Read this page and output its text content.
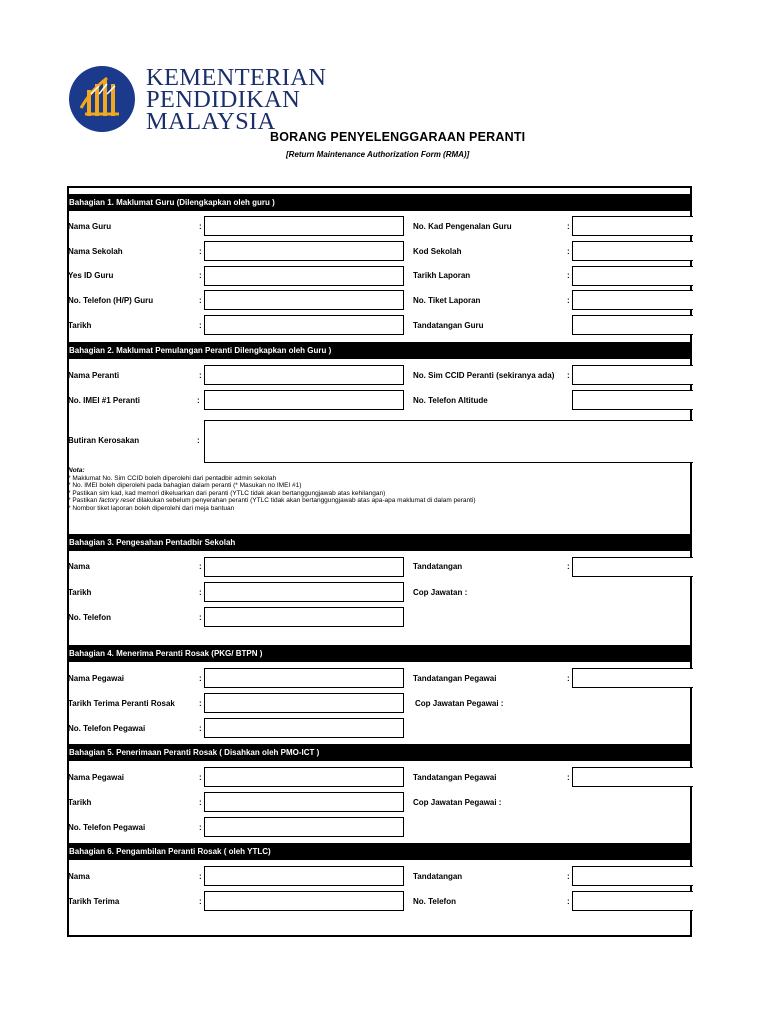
KEMENTERIAN
PENDIDIKAN
MALAYSIA
BORANG PENYELENGGARAAN PERANTI
[Return Maintenance Authorization Form (RMA)]
Bahagian 1. Maklumat Guru (Dilengkapkan oleh guru )
Nama Guru	:	No. Kad Pengenalan Guru	:
Nama Sekolah	:	Kod Sekolah	:
Yes ID Guru	:	Tarikh Laporan	:
No. Telefon (H/P) Guru	:	No. Tiket Laporan	:
Tarikh	:	Tandatangan Guru
Bahagian 2. Maklumat Pemulangan Peranti Dilengkapkan oleh Guru )
Nama Peranti	:	No. Sim CCID Peranti (sekiranya ada) :
No. IMEI #1 Peranti	:	No. Telefon Altitude
Butiran Kerosakan	:
Nota:
* Maklumat No. Sim CCID boleh diperolehi dari pentadbir admin sekolah
* No. IMEI boleh diperolehi pada bahagian dalam peranti (* Masukan no IMEI #1)
* Pastikan sim kad, kad memori dikeluarkan dari peranti (YTLC tidak akan bertanggungjawab atas kehilangan)
* Pastikan factory reset dilakukan sebelum penyerahan peranti (YTLC tidak akan bertanggungjawab atas apa-apa maklumat di dalam peranti)
* Nombor tiket laporan boleh diperolehi dari meja bantuan
Bahagian 3. Pengesahan Pentadbir Sekolah
Nama	:	Tandatangan	:
Tarikh	:	Cop Jawatan :
No. Telefon	:
Bahagian 4. Menerima Peranti Rosak (PKG/ BTPN )
Nama Pegawai	:	Tandatangan Pegawai	:
Tarikh Terima Peranti Rosak	:	Cop Jawatan Pegawai :
No. Telefon Pegawai	:
Bahagian 5. Penerimaan Peranti Rosak ( Disahkan oleh PMO-ICT )
Nama Pegawai	:	Tandatangan Pegawai	:
Tarikh	:	Cop Jawatan Pegawai :
No. Telefon Pegawai	:
Bahagian 6. Pengambilan Peranti Rosak ( oleh YTLC)
Nama	:	Tandatangan	:
Tarikh Terima	:	No. Telefon	:
